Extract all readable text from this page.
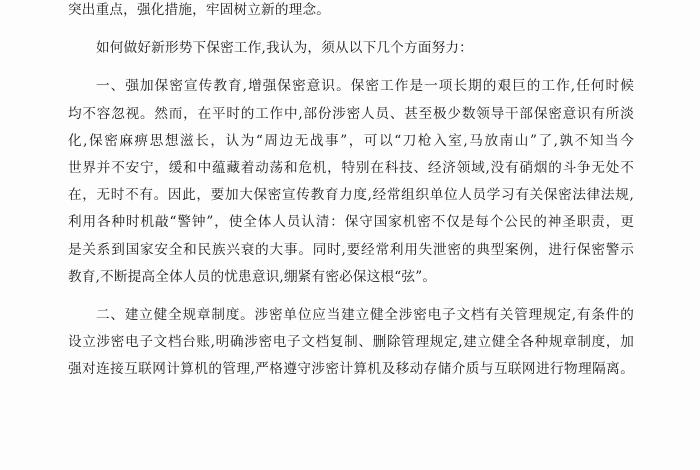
突出重点，强化措施，牢固树立新的理念。
如何做好新形势下保密工作,我认为，须从以下几个方面努力：
一、强加保密宣传教育,增强保密意识。保密工作是一项长期的艰巨的工作,任何时候
均不容忽视。然而，在平时的工作中,部份涉密人员、甚至极少数领导干部保密意识有所淡
化,保密麻痹思想滋长，认为“周边无战事”，可以“刀枪入室,马放南山”了,孰不知当今
世界并不安宁，缓和中蕴藏着动荡和危机，特别在科技、经济领域,没有硝烟的斗争无处不
在，无时不有。因此，要加大保密宣传教育力度,经常组织单位人员学习有关保密法律法规,
利用各种时机敲“警钟”，使全体人员认清：保守国家机密不仅是每个公民的神圣职责，更
是关系到国家安全和民族兴衰的大事。同时,要经常利用失泄密的典型案例，进行保密警示
教育,不断提高全体人员的忧患意识,绷紧有密必保这根“弦”。
二、建立健全规章制度。涉密单位应当建立健全涉密电子文档有关管理规定,有条件的
设立涉密电子文档台账,明确涉密电子文档复制、删除管理规定,建立健全各种规章制度，加
强对连接互联网计算机的管理,严格遵守涉密计算机及移动存储介质与互联网进行物理隔离。
